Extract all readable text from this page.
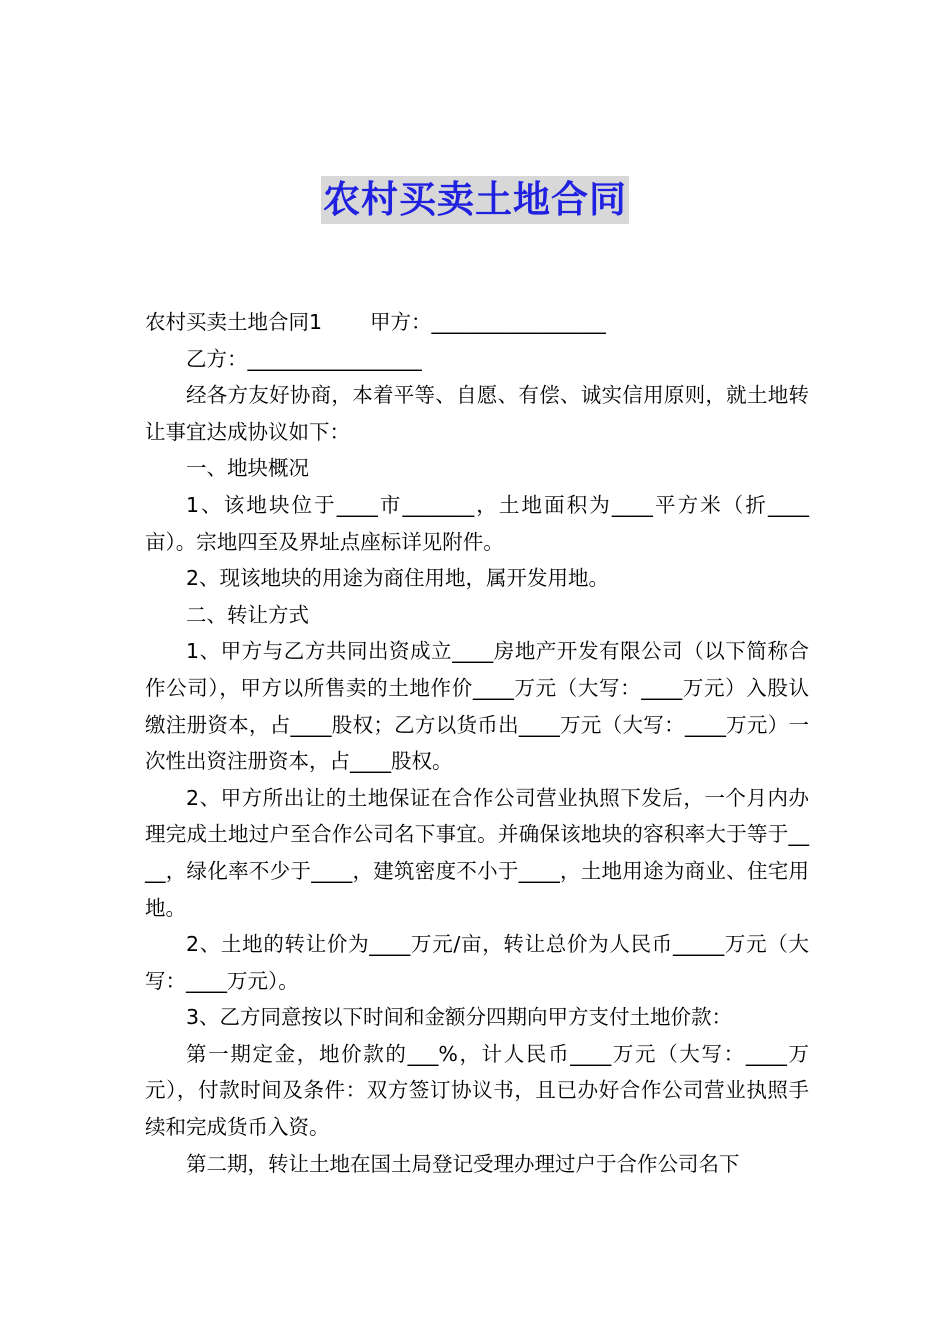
农村买卖土地合同

农村买卖土地合同1 甲方：_________________

乙方：_________________

经各方友好协商，本着平等、自愿、有偿、诚实信用原则，就土地转让事宜达成协议如下：

一、地块概况

1、该地块位于____市_______，土地面积为____平方米（折____亩）。宗地四至及界址点座标详见附件。

2、现该地块的用途为商住用地，属开发用地。

二、转让方式

1、甲方与乙方共同出资成立____房地产开发有限公司（以下简称合作公司），甲方以所售卖的土地作价____万元（大写：____万元）入股认缴注册资本，占____股权；乙方以货币出____万元（大写：____万元）一次性出资注册资本，占____股权。

2、甲方所出让的土地保证在合作公司营业执照下发后，一个月内办理完成土地过户至合作公司名下事宜。并确保该地块的容积率大于等于____，绿化率不少于____，建筑密度不小于____，土地用途为商业、住宅用地。

2、土地的转让价为____万元/亩，转让总价为人民币_____万元（大写：____万元）。

3、乙方同意按以下时间和金额分四期向甲方支付土地价款：

第一期定金，地价款的___%，计人民币____万元（大写：____万元），付款时间及条件：双方签订协议书，且已办好合作公司营业执照手续和完成货币入资。

第二期，转让土地在国土局登记受理办理过户于合作公司名下
